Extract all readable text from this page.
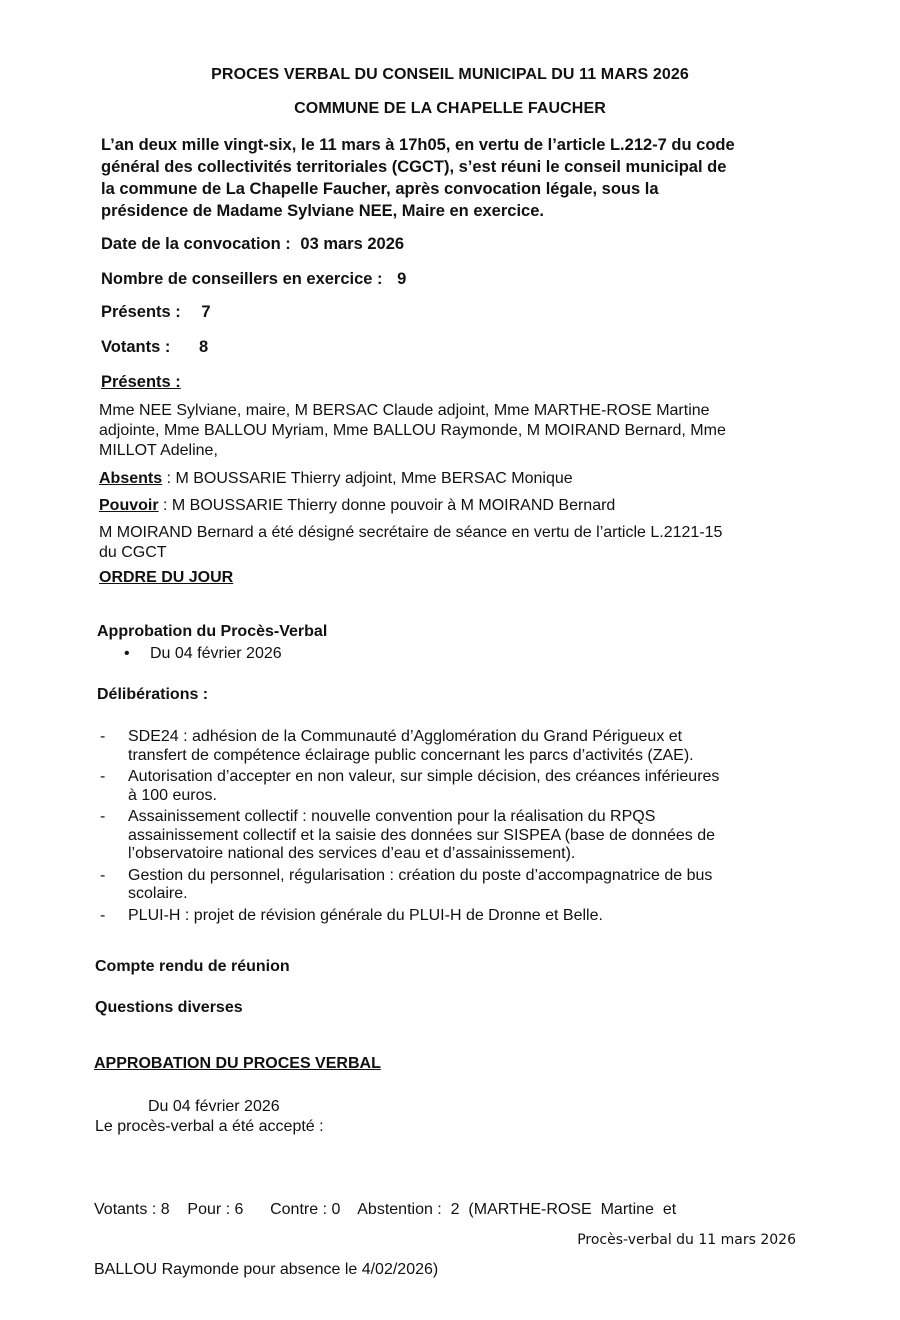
PROCES VERBAL DU CONSEIL MUNICIPAL DU 11 MARS 2026
COMMUNE DE LA CHAPELLE FAUCHER
L’an deux mille vingt-six, le 11 mars à 17h05, en vertu de l’article L.212-7 du code
général des collectivités territoriales (CGCT), s’est réuni le conseil municipal de
la commune de La Chapelle Faucher, après convocation légale, sous la
présidence de Madame Sylviane NEE, Maire en exercice.
Date de la convocation : 03 mars 2026
Nombre de conseillers en exercice : 9
Présents : 7
Votants : 8
Présents :
Mme NEE Sylviane, maire, M BERSAC Claude adjoint, Mme MARTHE-ROSE Martine
adjointe, Mme BALLOU Myriam, Mme BALLOU Raymonde, M MOIRAND Bernard, Mme
MILLOT Adeline,
Absents : M BOUSSARIE Thierry adjoint, Mme BERSAC Monique
Pouvoir : M BOUSSARIE Thierry donne pouvoir à M MOIRAND Bernard
M MOIRAND Bernard a été désigné secrétaire de séance en vertu de l’article L.2121-15
du CGCT
ORDRE DU JOUR
Approbation du Procès-Verbal
• Du 04 février 2026
Délibérations :
- SDE24 : adhésion de la Communauté d’Agglomération du Grand Périgueux et
transfert de compétence éclairage public concernant les parcs d’activités (ZAE).
- Autorisation d’accepter en non valeur, sur simple décision, des créances inférieures
à 100 euros.
- Assainissement collectif : nouvelle convention pour la réalisation du RPQS
assainissement collectif et la saisie des données sur SISPEA (base de données de
l’observatoire national des services d’eau et d’assainissement).
- Gestion du personnel, régularisation : création du poste d’accompagnatrice de bus
scolaire.
- PLUI-H : projet de révision générale du PLUI-H de Dronne et Belle.
Compte rendu de réunion
Questions diverses
APPROBATION DU PROCES VERBAL
Du 04 février 2026
Le procès-verbal a été accepté :

Votants : 8    Pour : 6      Contre : 0    Abstention :  2  (MARTHE-ROSE  Martine  et

BALLOU Raymonde pour absence le 4/02/2026)

Procès-verbal du 11 mars 2026
